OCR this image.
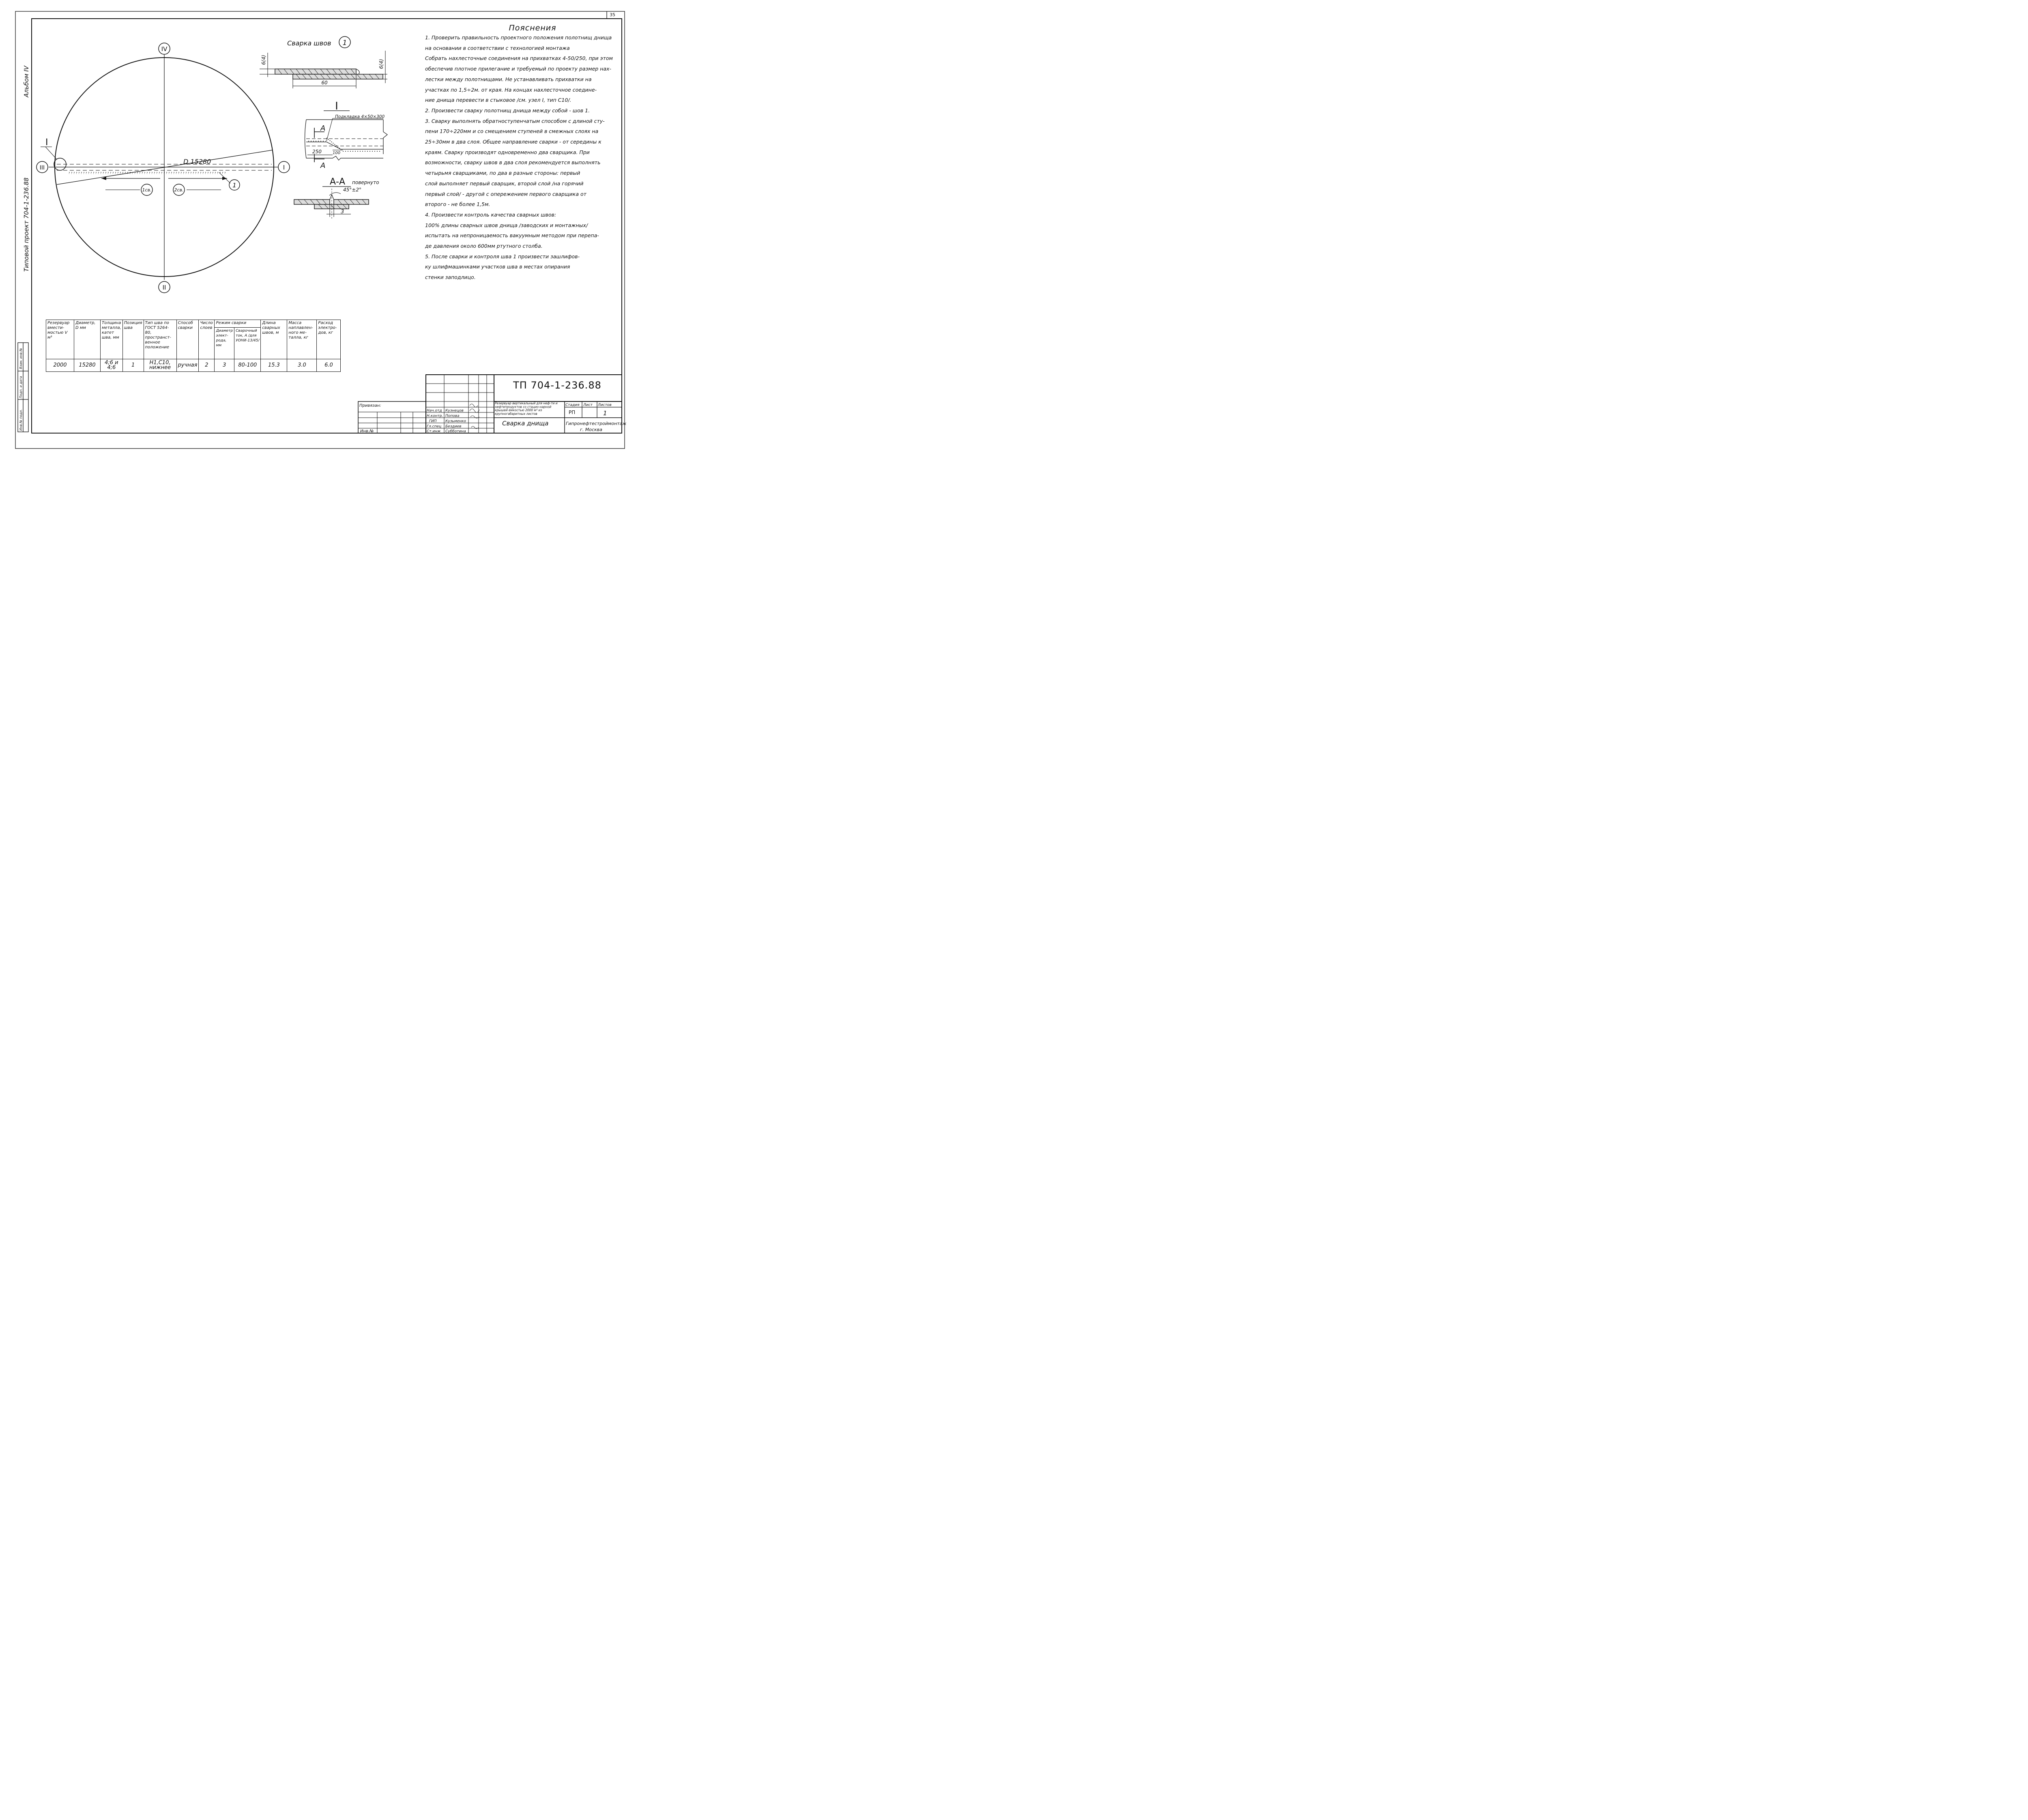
35
Альбом IV
Типовой проект 704-1-236.88
Инв.№ подл.
Подп. и дата
Взам. инв.№
IV
II
III	I
D 15280
I
1
1св.	2св.
Сварка швов 1
6(4)	6(4)
60
I
Подкладка 4×50×300
А
А
250	100
А-А повернуто
45°±2°
3
ТП 704-1-236.88
Привязан:
Инв.№
Нач.отд
Н.контр.
ГИП
Гл.спец
Ст.инж
Кузнецов
Попова
Кузьменко
Бездиев
Субботина
Резервуар вертикальный для неф-ти и нефтепродуктов со стацио-нарной крышей емкостью 2000 м³ из крупногабаритных листов
Сварка днища
Стадия Лист Листов
РП	1
Гипронефтестроймонтаж
г. Москва
Пояснения
1. Проверить правильность проектного положения полотнищ днища
на основании в соответствии с технологией монтажа
Собрать нахлесточные соединения на прихватках 4-50/250, при этом
обеспечив плотное прилегание и требуемый по проекту размер нах-
лестки между полотнищами. Не устанавливать прихватки на
участках по 1,5÷2м. от края. На концах нахлесточное соедине-
ние днища перевести в стыковое /см. узел I, тип С10/.
2. Произвести сварку полотнищ днища между собой - шов 1.
3. Сварку выполнять обратноступенчатым способом с длиной сту-
пени 170÷220мм и со смещением ступеней в смежных слоях на
25÷30мм в два слоя. Общее направление сварки - от середины к
краям. Сварку производят одновременно два сварщика. При
возможности, сварку швов в два слоя рекомендуется выполнять
четырьмя сварщиками, по два в разные стороны: первый
слой выполняет первый сварщик, второй слой /на горячий
первый слой/ - другой с опережением первого сварщика от
второго - не более 1,5м.
4. Произвести контроль качества сварных швов:
100% длины сварных швов днища /заводских и монтажных/
испытать на непроницаемость вакуумным методом при перепа-
де давления около 600мм ртутного столба.
5. После сварки и контроля шва 1 произвести зашлифов-
ку шлифмашинками участков шва в местах опирания
стенки заподлицо.
Резервуар вмести-мостью V м³	Диаметр, D мм	Толщина металла, катет шва, мм	Позиция шва	Тип шва по ГОСТ 5264-80, пространст-венное положение	Способ сварки	Число слоев	Режим сварки		Длина сварных швов, м	Масса наплавлен-ного ме-талла, кг	Расход электро-дов, кг
							Диаметр элект-рода, мм	Сварочный ток, А /для УОНИ-13/45/			
2000	15280	4;6 и 4;6	1	Н1,С10, нижнее	ручная	2	3	80-100	15.3	3.0	6.0
